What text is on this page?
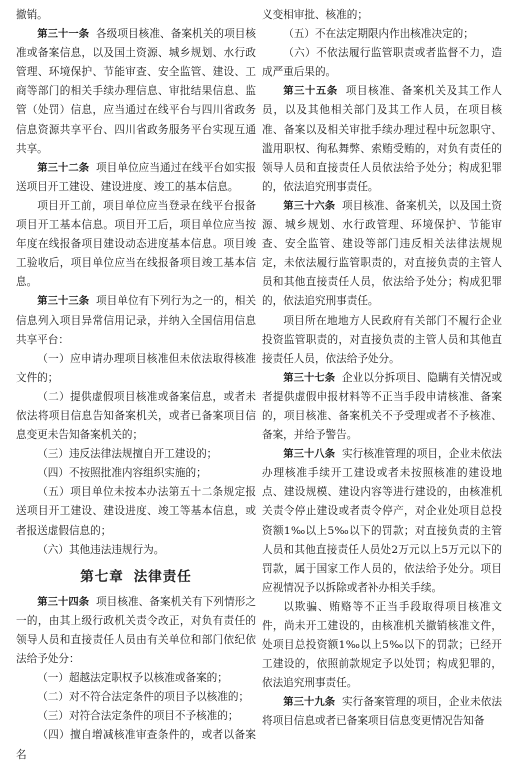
撤销。

第三十一条 各级项目核准、备案机关的项目核准或备案信息，以及国土资源、城乡规划、水行政管理、环境保护、节能审查、安全监管、建设、工商等部门的相关手续办理信息、审批结果信息、监管（处罚）信息，应当通过在线平台与四川省政务信息资源共享平台、四川省政务服务平台实现互通共享。

第三十二条 项目单位应当通过在线平台如实报送项目开工建设、建设进度、竣工的基本信息。

项目开工前，项目单位应当登录在线平台报备项目开工基本信息。项目开工后，项目单位应当按年度在线报备项目建设动态进度基本信息。项目竣工验收后，项目单位应当在线报备项目竣工基本信息。

第三十三条 项目单位有下列行为之一的，相关信息列入项目异常信用记录，并纳入全国信用信息共享平台：

（一）应申请办理项目核准但未依法取得核准文件的；

（二）提供虚假项目核准或备案信息，或者未依法将项目信息告知备案机关，或者已备案项目信息变更未告知备案机关的；

（三）违反法律法规擅自开工建设的；

（四）不按照批准内容组织实施的；

（五）项目单位未按本办法第五十二条规定报送项目开工建设、建设进度、竣工等基本信息，或者报送虚假信息的；

（六）其他违法违规行为。

第七章 法律责任

第三十四条 项目核准、备案机关有下列情形之一的，由其上级行政机关责令改正，对负有责任的领导人员和直接责任人员由有关单位和部门依纪依法给予处分：

（一）超越法定职权予以核准或备案的；

（二）对不符合法定条件的项目予以核准的；

（三）对符合法定条件的项目不予核准的；

（四）擅自增减核准审查条件的，或者以备案名

义变相审批、核准的；

（五）不在法定期限内作出核准决定的；

（六）不依法履行监管职责或者监督不力，造成严重后果的。

第三十五条 项目核准、备案机关及其工作人员，以及其他相关部门及其工作人员，在项目核准、备案以及相关审批手续办理过程中玩忽职守、滥用职权、徇私舞弊、索贿受贿的，对负有责任的领导人员和直接责任人员依法给予处分；构成犯罪的，依法追究刑事责任。

第三十六条 项目核准、备案机关，以及国土资源、城乡规划、水行政管理、环境保护、节能审查、安全监管、建设等部门违反相关法律法规规定，未依法履行监管职责的，对直接负责的主管人员和其他直接责任人员，依法给予处分；构成犯罪的，依法追究刑事责任。

项目所在地地方人民政府有关部门不履行企业投资监管职责的，对直接负责的主管人员和其他直接责任人员，依法给予处分。

第三十七条 企业以分拆项目、隐瞒有关情况或者提供虚假申报材料等不正当手段申请核准、备案的，项目核准、备案机关不予受理或者不予核准、备案，并给予警告。

第三十八条 实行核准管理的项目，企业未依法办理核准手续开工建设或者未按照核准的建设地点、建设规模、建设内容等进行建设的，由核准机关责令停止建设或者责令停产，对企业处项目总投资额1‰以上5‰以下的罚款；对直接负责的主管人员和其他直接责任人员处2万元以上5万元以下的罚款，属于国家工作人员的，依法给予处分。项目应视情况予以拆除或者补办相关手续。

以欺骗、贿赂等不正当手段取得项目核准文件，尚未开工建设的，由核准机关撤销核准文件，处项目总投资额1‰以上5‰以下的罚款；已经开工建设的，依照前款规定予以处罚；构成犯罪的，依法追究刑事责任。

第三十九条 实行备案管理的项目，企业未依法将项目信息或者已备案项目信息变更情况告知备
